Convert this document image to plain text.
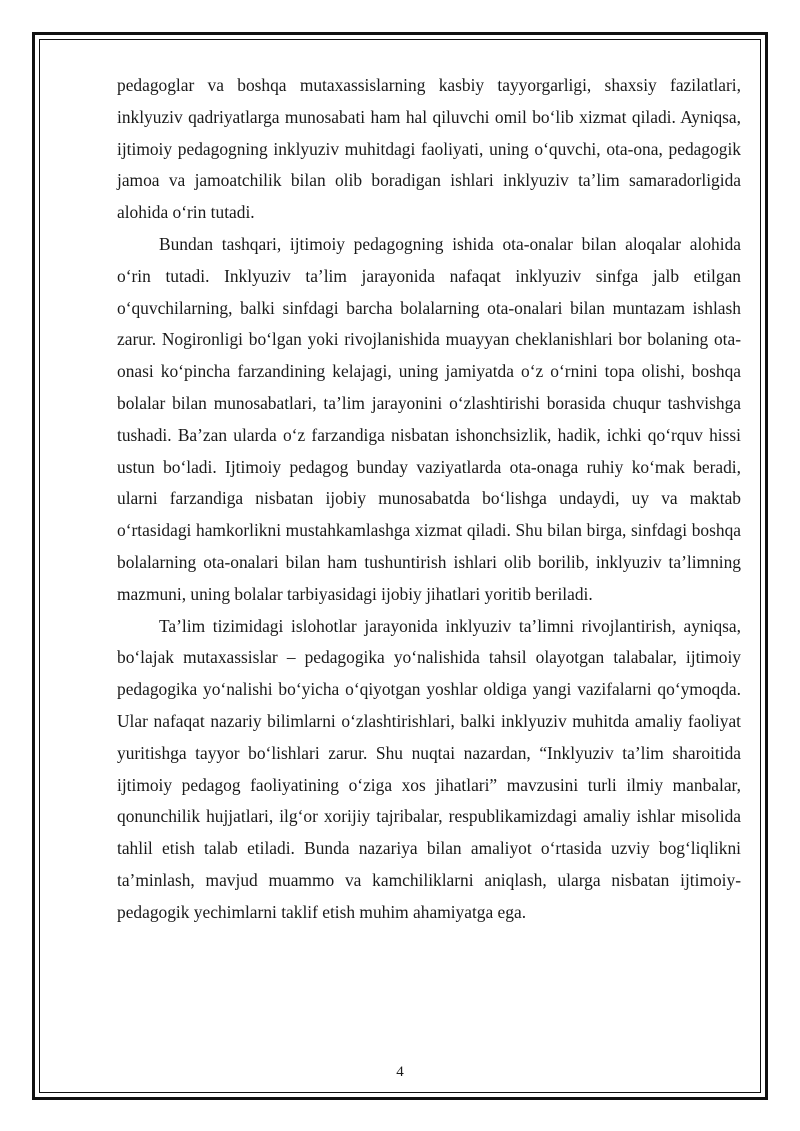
pedagoglar va boshqa mutaxassislarning kasbiy tayyorgarligi, shaxsiy fazilatlari, inklyuziv qadriyatlarga munosabati ham hal qiluvchi omil boʻlib xizmat qiladi. Ayniqsa, ijtimoiy pedagogning inklyuziv muhitdagi faoliyati, uning oʻquvchi, ota-ona, pedagogik jamoa va jamoatchilik bilan olib boradigan ishlari inklyuziv taʼlim samaradorligida alohida oʻrin tutadi.

Bundan tashqari, ijtimoiy pedagogning ishida ota-onalar bilan aloqalar alohida oʻrin tutadi. Inklyuziv taʼlim jarayonida nafaqat inklyuziv sinfga jalb etilgan oʻquvchilarning, balki sinfdagi barcha bolalarning ota-onalari bilan muntazam ishlash zarur. Nogironligi boʻlgan yoki rivojlanishida muayyan cheklanishlari bor bolaning ota-onasi koʻpincha farzandining kelajagi, uning jamiyatda oʻz oʻrnini topa olishi, boshqa bolalar bilan munosabatlari, taʼlim jarayonini oʻzlashtirishi borasida chuqur tashvishga tushadi. Baʼzan ularda oʻz farzandiga nisbatan ishonchsizlik, hadik, ichki qoʻrquv hissi ustun boʻladi. Ijtimoiy pedagog bunday vaziyatlarda ota-onaga ruhiy koʻmak beradi, ularni farzandiga nisbatan ijobiy munosabatda boʻlishga undaydi, uy va maktab oʻrtasidagi hamkorlikni mustahkamlashga xizmat qiladi. Shu bilan birga, sinfdagi boshqa bolalarning ota-onalari bilan ham tushuntirish ishlari olib borilib, inklyuziv taʼlimning mazmuni, uning bolalar tarbiyasidagi ijobiy jihatlari yoritib beriladi.

Taʼlim tizimidagi islohotlar jarayonida inklyuziv taʼlimni rivojlantirish, ayniqsa, boʻlajak mutaxassislar – pedagogika yoʻnalishida tahsil olayotgan talabalar, ijtimoiy pedagogika yoʻnalishi boʻyicha oʻqiyotgan yoshlar oldiga yangi vazifalarni qoʻymoqda. Ular nafaqat nazariy bilimlarni oʻzlashtirishlari, balki inklyuziv muhitda amaliy faoliyat yuritishga tayyor boʻlishlari zarur. Shu nuqtai nazardan, “Inklyuziv taʼlim sharoitida ijtimoiy pedagog faoliyatining oʻziga xos jihatlari” mavzusini turli ilmiy manbalar, qonunchilik hujjatlari, ilgʻor xorijiy tajribalar, respublikamizdagi amaliy ishlar misolida tahlil etish talab etiladi. Bunda nazariya bilan amaliyot oʻrtasida uzviy bogʻliqlikni taʼminlash, mavjud muammo va kamchiliklarni aniqlash, ularga nisbatan ijtimoiy-pedagogik yechimlarni taklif etish muhim ahamiyatga ega.

4
